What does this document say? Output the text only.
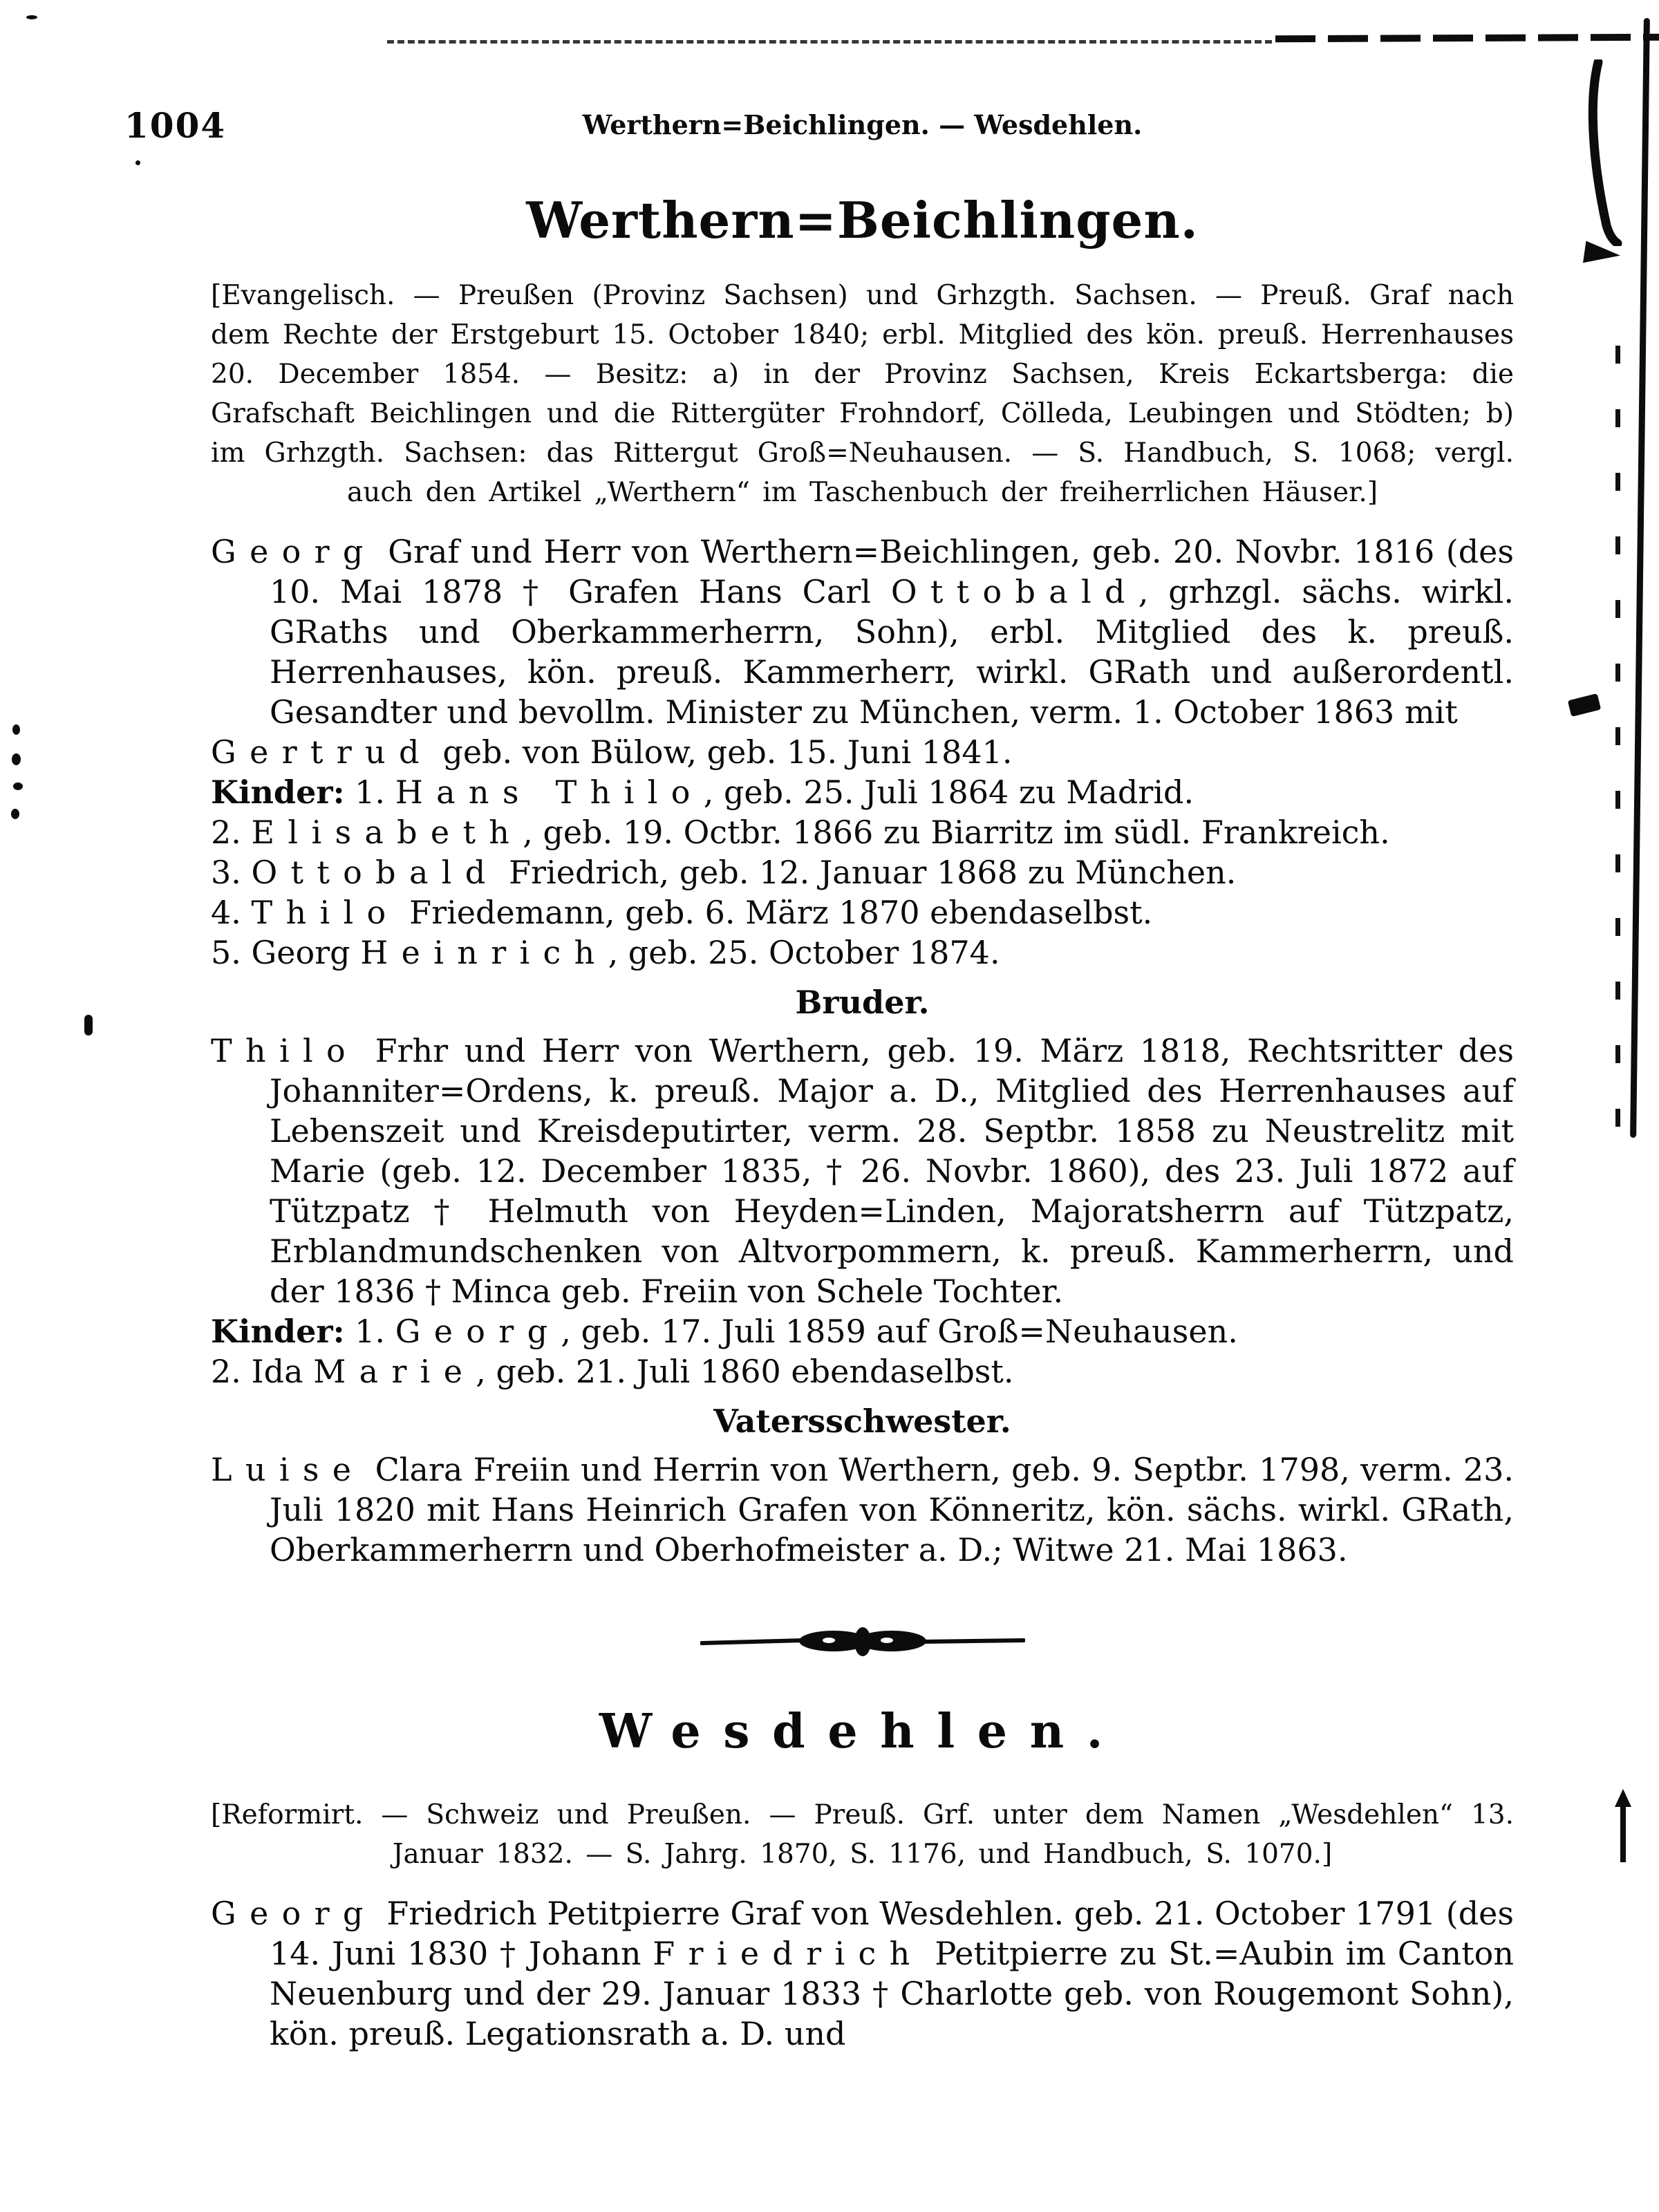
1004	Werthern=Beichlingen. — Wesdehlen.
Werthern=Beichlingen.

[Evangelisch. — Preußen (Provinz Sachsen) und Grhzgth. Sachsen. — Preuß. Graf nach dem Rechte der Erstgeburt 15. October 1840; erbl. Mitglied des kön. preuß. Herrenhauses 20. December 1854. — Besitz: a) in der Provinz Sachsen, Kreis Eckartsberga: die Grafschaft Beichlingen und die Rittergüter Frohndorf, Cölleda, Leubingen und Stödten; b) im Grhzgth. Sachsen: das Rittergut Groß=Neuhausen. — S. Handbuch, S. 1068; vergl. auch den Artikel „Werthern“ im Taschenbuch der freiherrlichen Häuser.]

Georg Graf und Herr von Werthern=Beichlingen, geb. 20. Novbr. 1816 (des 10. Mai 1878 † Grafen Hans Carl Ottobald, grhzgl. sächs. wirkl. GRaths und Oberkammerherrn, Sohn), erbl. Mitglied des k. preuß. Herrenhauses, kön. preuß. Kammerherr, wirkl. GRath und außerordentl. Gesandter und bevollm. Minister zu München, verm. 1. October 1863 mit

Gertrud geb. von Bülow, geb. 15. Juni 1841.

Kinder: 1. Hans Thilo, geb. 25. Juli 1864 zu Madrid.

2. Elisabeth, geb. 19. Octbr. 1866 zu Biarritz im südl. Frankreich.

3. Ottobald Friedrich, geb. 12. Januar 1868 zu München.

4. Thilo Friedemann, geb. 6. März 1870 ebendaselbst.

5. Georg Heinrich, geb. 25. October 1874.

Bruder.

Thilo Frhr und Herr von Werthern, geb. 19. März 1818, Rechtsritter des Johanniter=Ordens, k. preuß. Major a. D., Mitglied des Herrenhauses auf Lebenszeit und Kreisdeputirter, verm. 28. Septbr. 1858 zu Neustrelitz mit Marie (geb. 12. December 1835, † 26. Novbr. 1860), des 23. Juli 1872 auf Tützpatz † Helmuth von Heyden=Linden, Majoratsherrn auf Tützpatz, Erblandmundschenken von Altvorpommern, k. preuß. Kammerherrn, und der 1836 † Minca geb. Freiin von Schele Tochter.

Kinder: 1. Georg, geb. 17. Juli 1859 auf Groß=Neuhausen.

2. Ida Marie, geb. 21. Juli 1860 ebendaselbst.

Vatersschwester.

Luise Clara Freiin und Herrin von Werthern, geb. 9. Septbr. 1798, verm. 23. Juli 1820 mit Hans Heinrich Grafen von Könneritz, kön. sächs. wirkl. GRath, Oberkammerherrn und Oberhofmeister a. D.; Witwe 21. Mai 1863.

Wesdehlen.

[Reformirt. — Schweiz und Preußen. — Preuß. Grf. unter dem Namen „Wesdehlen“ 13. Januar 1832. — S. Jahrg. 1870, S. 1176, und Handbuch, S. 1070.]

Georg Friedrich Petitpierre Graf von Wesdehlen. geb. 21. October 1791 (des 14. Juni 1830 † Johann Friedrich Petitpierre zu St.=Aubin im Canton Neuenburg und der 29. Januar 1833 † Charlotte geb. von Rougemont Sohn), kön. preuß. Legationsrath a. D. und
